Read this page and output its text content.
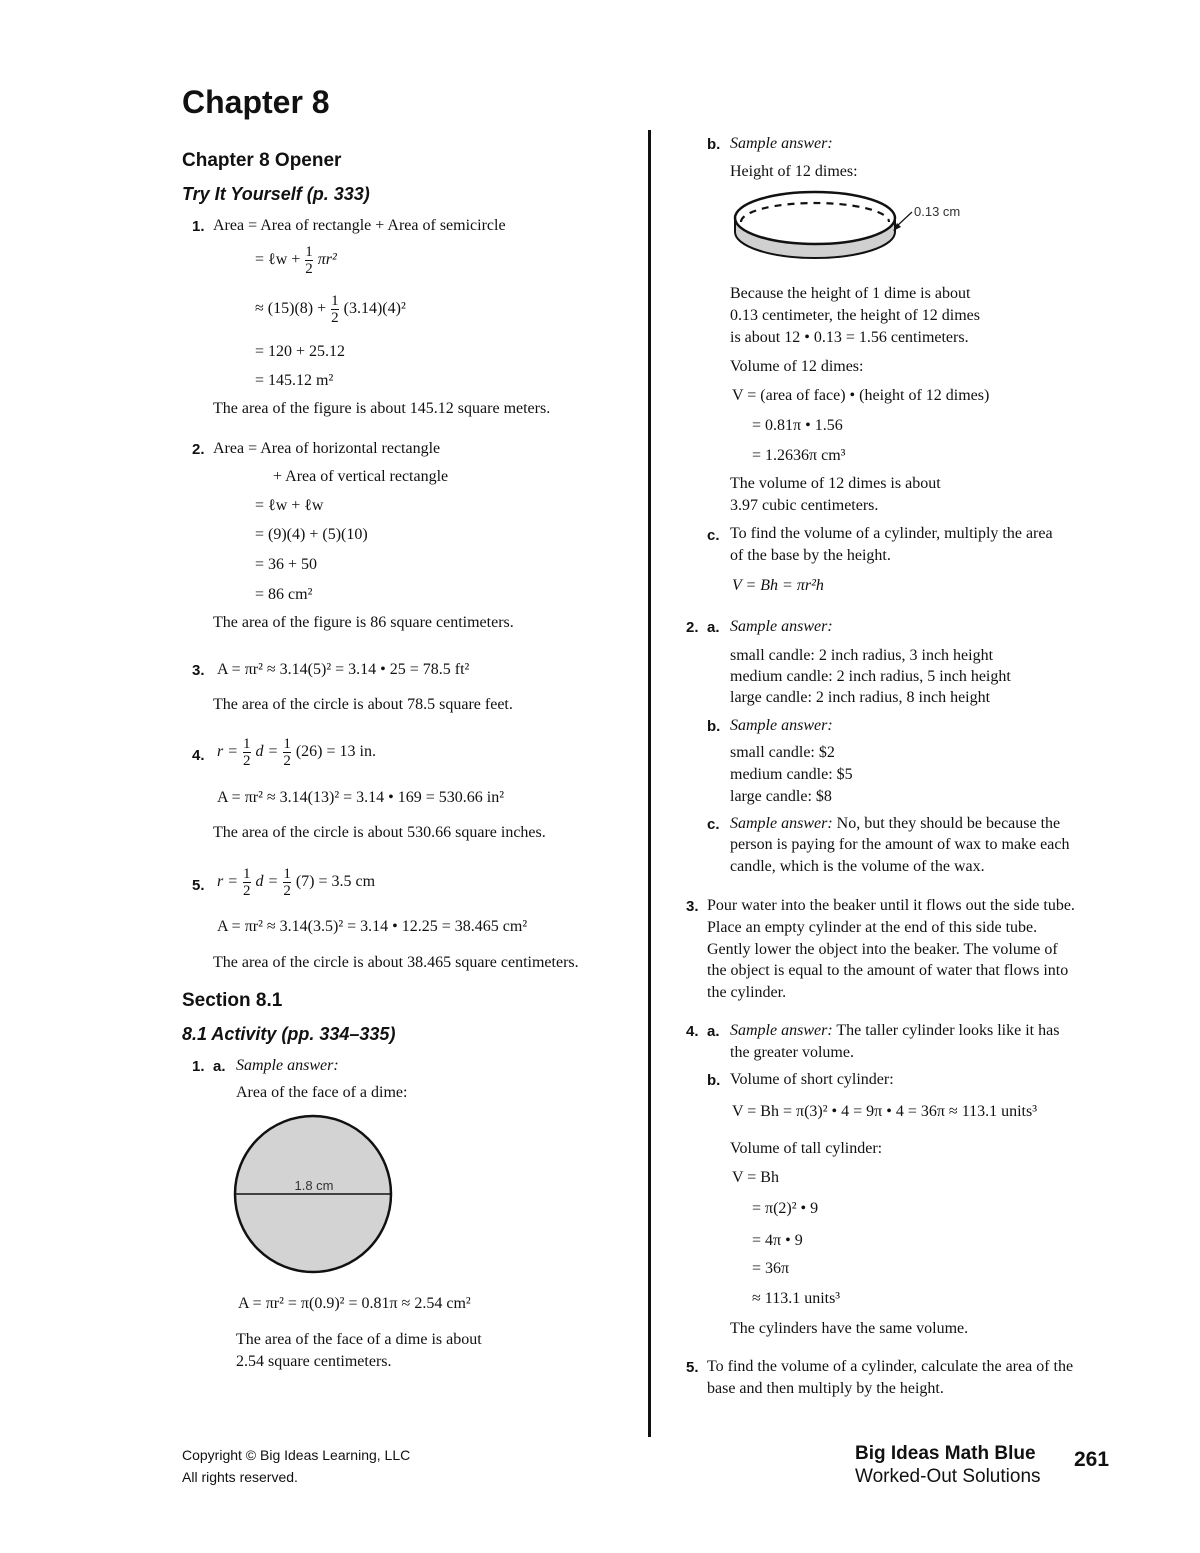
Chapter 8
Chapter 8 Opener
Try It Yourself (p. 333)
1. Area = Area of rectangle + Area of semicircle
= ℓw + $\frac{1}{2} \pi r^2$
≈ $(15)(8) + \frac{1}{2} (3.14)(4)^2$
= 120 + 25.12
= 145.12 m²
The area of the figure is about 145.12 square meters.
2. Area = Area of horizontal rectangle
+ Area of vertical rectangle
= ℓw + ℓw
= (9)(4) + (5)(10)
= 36 + 50
= 86 cm²
The area of the figure is 86 square centimeters.
3. A = πr² ≈ 3.14(5)² = 3.14 • 25 = 78.5 ft²
The area of the circle is about 78.5 square feet.
4. $r = \frac{1}{2}$ $d = \frac{1}{2} (26) = 13$ in.
A = πr² ≈ 3.14(13)² = 3.14 • 169 = 530.66 in²
The area of the circle is about 530.66 square inches.
5. $r = \frac{1}{2}$ $d = \frac{1}{2} (7) = 3.5$ cm
A = πr² ≈ 3.14(3.5)² = 3.14 • 12.25 = 38.465 cm²
The area of the circle is about 38.465 square centimeters.
Section 8.1
8.1 Activity (pp. 334–335)
1. a. Sample answer:
Area of the face of a dime:
1.8 cm
A = πr² = π(0.9)² = 0.81π ≈ 2.54 cm²
The area of the face of a dime is about
2.54 square centimeters.
b. Sample answer:
Height of 12 dimes:
0.13 cm
Because the height of 1 dime is about
0.13 centimeter, the height of 12 dimes
is about 12 • 0.13 = 1.56 centimeters.
Volume of 12 dimes:
V = (area of face) • (height of 12 dimes)
= 0.81π • 1.56
= 1.2636π cm³
The volume of 12 dimes is about
3.97 cubic centimeters.
c. To find the volume of a cylinder, multiply the area
of the base by the height.
V = Bh = πr²h
2. a. Sample answer:
small candle: 2 inch radius, 3 inch height
medium candle: 2 inch radius, 5 inch height
large candle: 2 inch radius, 8 inch height
b. Sample answer:
small candle: $2
medium candle: $5
large candle: $8
c. Sample answer: No, but they should be because the
person is paying for the amount of wax to make each
candle, which is the volume of the wax.
3. Pour water into the beaker until it flows out the side tube.
Place an empty cylinder at the end of this side tube.
Gently lower the object into the beaker. The volume of
the object is equal to the amount of water that flows into
the cylinder.
4. a. Sample answer: The taller cylinder looks like it has
the greater volume.
b. Volume of short cylinder:
V = Bh = π(3)² • 4 = 9π • 4 = 36π ≈ 113.1 units³
Volume of tall cylinder:
V = Bh
= π(2)² • 9
= 4π • 9
= 36π
≈ 113.1 units³
The cylinders have the same volume.
5. To find the volume of a cylinder, calculate the area of the
base and then multiply by the height.
Copyright © Big Ideas Learning, LLC
All rights reserved.
Big Ideas Math Blue
Worked-Out Solutions
261
